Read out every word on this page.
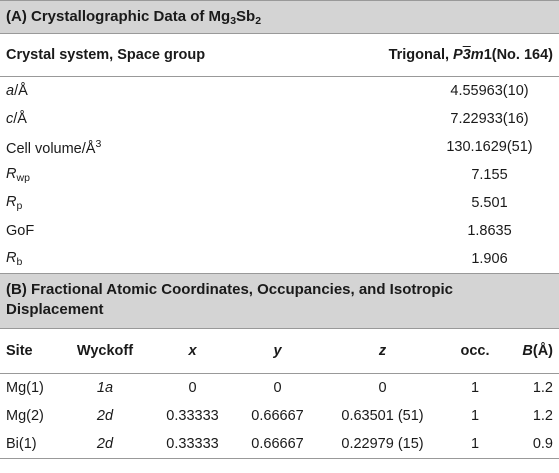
(A) Crystallographic Data of $Mg_3Sb_2$
Crystal system, Space group	Trigonal, P3m1(No. 164)
a/Å	4.55963(10)
c/Å	7.22933(16)
Cell volume/$Å^3$	130.1629(51)
$R_{wp}$	7.155
$R_p$	5.501
GoF	1.8635
$R_b$	1.906
(B) Fractional Atomic Coordinates, Occupancies, and Isotropic Displacement
Site	Wyckoff	x	y	z	occ.	B(Å)
Mg(1)	1a	0	0	0	1	1.2
Mg(2)	2d	0.33333	0.66667	0.63501 (51)	1	1.2
Bi(1)	2d	0.33333	0.66667	0.22979 (15)	1	0.9
